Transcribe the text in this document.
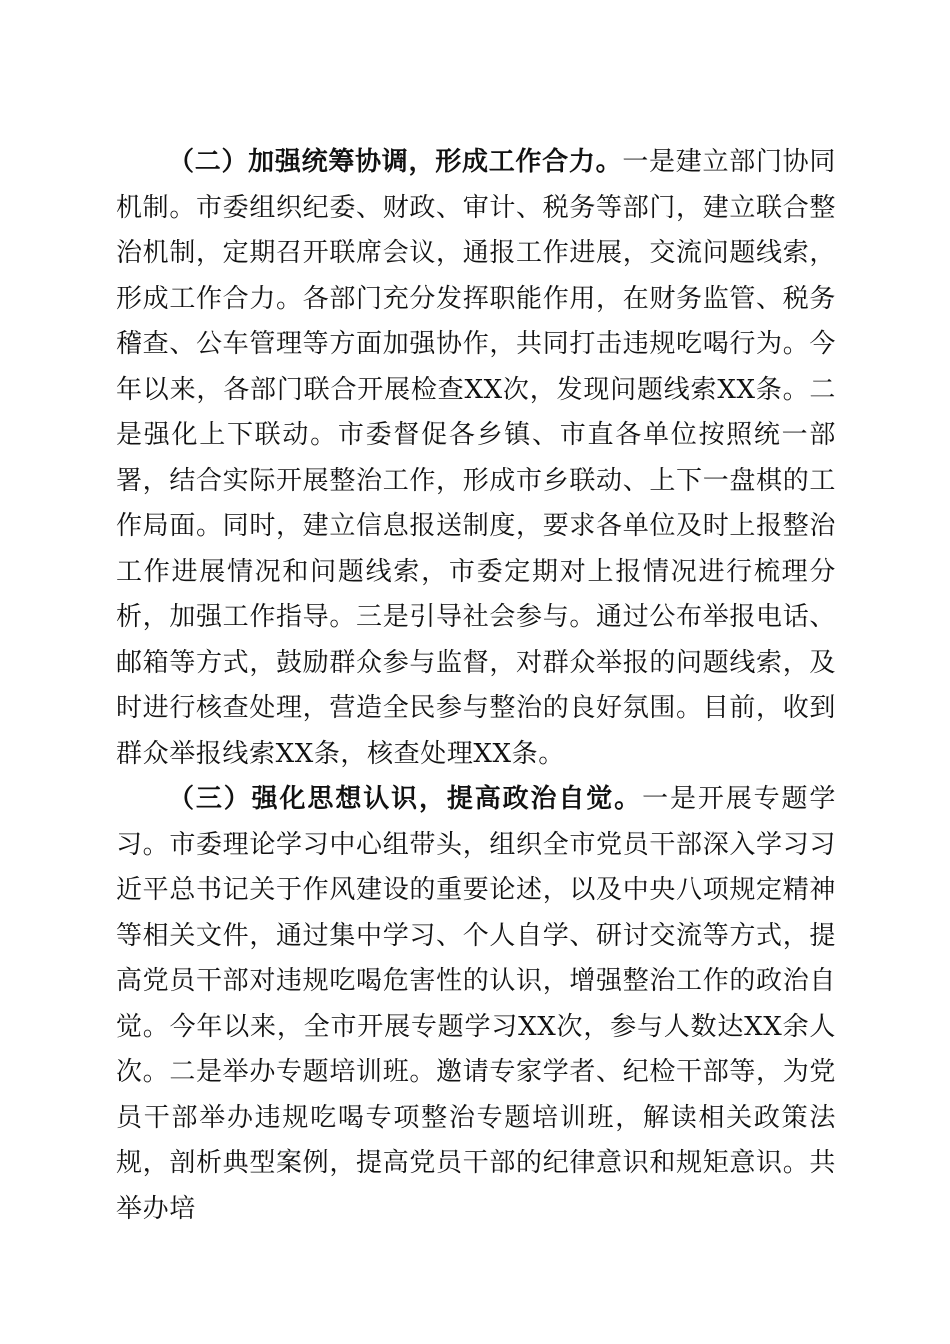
（二）加强统筹协调，形成工作合力。一是建立部门协同机制。市委组织纪委、财政、审计、税务等部门，建立联合整治机制，定期召开联席会议，通报工作进展，交流问题线索，形成工作合力。各部门充分发挥职能作用，在财务监管、税务稽查、公车管理等方面加强协作，共同打击违规吃喝行为。今年以来，各部门联合开展检查XX次，发现问题线索XX条。二是强化上下联动。市委督促各乡镇、市直各单位按照统一部署，结合实际开展整治工作，形成市乡联动、上下一盘棋的工作局面。同时，建立信息报送制度，要求各单位及时上报整治工作进展情况和问题线索，市委定期对上报情况进行梳理分析，加强工作指导。三是引导社会参与。通过公布举报电话、邮箱等方式，鼓励群众参与监督，对群众举报的问题线索，及时进行核查处理，营造全民参与整治的良好氛围。目前，收到群众举报线索XX条，核查处理XX条。

（三）强化思想认识，提高政治自觉。一是开展专题学习。市委理论学习中心组带头，组织全市党员干部深入学习习近平总书记关于作风建设的重要论述，以及中央八项规定精神等相关文件，通过集中学习、个人自学、研讨交流等方式，提高党员干部对违规吃喝危害性的认识，增强整治工作的政治自觉。今年以来，全市开展专题学习XX次，参与人数达XX余人次。二是举办专题培训班。邀请专家学者、纪检干部等，为党员干部举办违规吃喝专项整治专题培训班，解读相关政策法规，剖析典型案例，提高党员干部的纪律意识和规矩意识。共举办培
